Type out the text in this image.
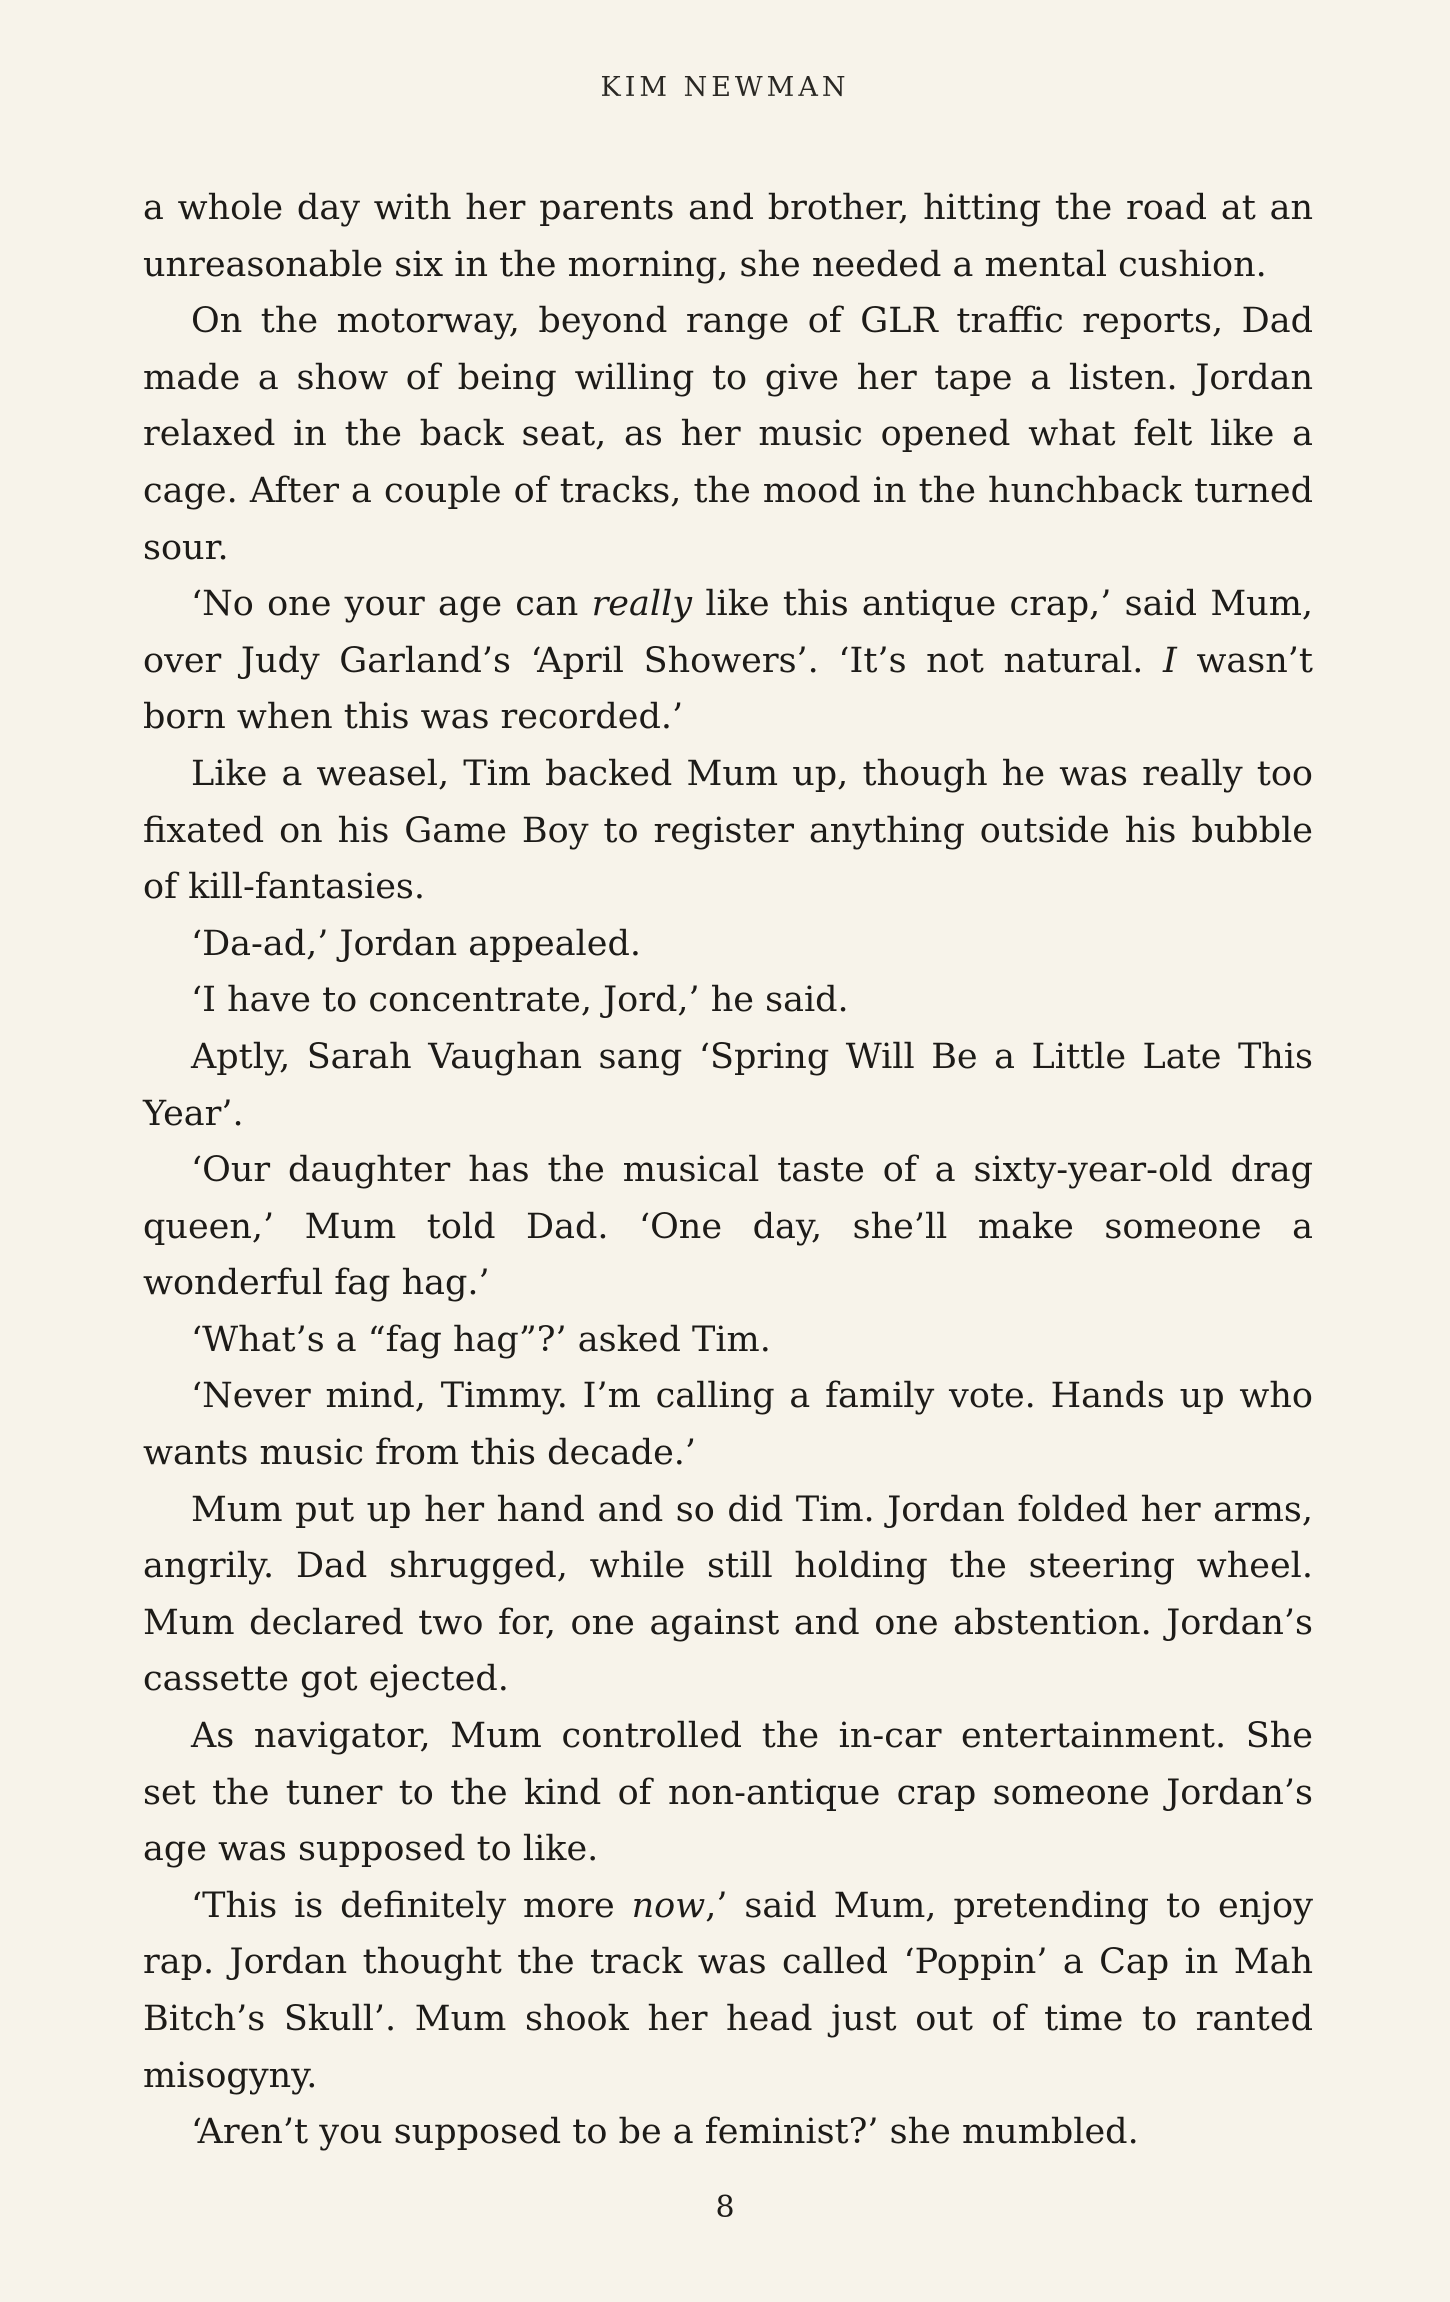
KIM NEWMAN

a whole day with her parents and brother, hitting the road at an unreasonable six in the morning, she needed a mental cushion.

On the motorway, beyond range of GLR traffic reports, Dad made a show of being willing to give her tape a listen. Jordan relaxed in the back seat, as her music opened what felt like a cage. After a couple of tracks, the mood in the hunchback turned sour.

‘No one your age can really like this antique crap,’ said Mum, over Judy Garland’s ‘April Showers’. ‘It’s not natural. I wasn’t born when this was recorded.’

Like a weasel, Tim backed Mum up, though he was really too fixated on his Game Boy to register anything outside his bubble of kill-fantasies.

‘Da-ad,’ Jordan appealed.

‘I have to concentrate, Jord,’ he said.

Aptly, Sarah Vaughan sang ‘Spring Will Be a Little Late This Year’.

‘Our daughter has the musical taste of a sixty-year-old drag queen,’ Mum told Dad. ‘One day, she’ll make someone a wonderful fag hag.’

‘What’s a “fag hag”?’ asked Tim.

‘Never mind, Timmy. I’m calling a family vote. Hands up who wants music from this decade.’

Mum put up her hand and so did Tim. Jordan folded her arms, angrily. Dad shrugged, while still holding the steering wheel. Mum declared two for, one against and one abstention. Jordan’s cassette got ejected.

As navigator, Mum controlled the in-car entertainment. She set the tuner to the kind of non-antique crap someone Jordan’s age was supposed to like.

‘This is definitely more now,’ said Mum, pretending to enjoy rap. Jordan thought the track was called ‘Poppin’ a Cap in Mah Bitch’s Skull’. Mum shook her head just out of time to ranted misogyny.

‘Aren’t you supposed to be a feminist?’ she mumbled.

8
